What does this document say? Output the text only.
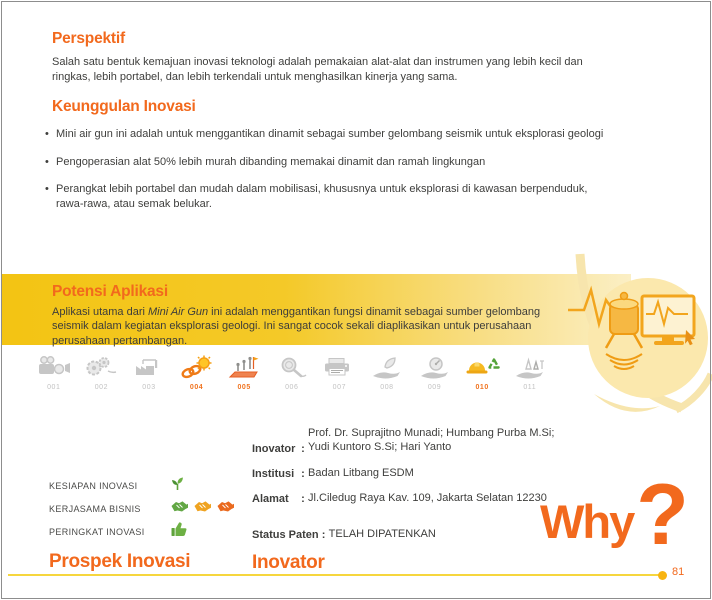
Perspektif

Salah satu bentuk kemajuan inovasi teknologi adalah pemakaian alat-alat dan instrumen yang lebih kecil dan ringkas, lebih portabel, dan lebih terkendali untuk menghasilkan kinerja yang sama.

Keunggulan Inovasi
• Mini air gun ini adalah untuk menggantikan dinamit sebagai sumber gelombang seismik untuk eksplorasi geologi
• Pengoperasian alat 50% lebih murah dibanding memakai dinamit dan ramah lingkungan
• Perangkat lebih portabel dan mudah dalam mobilisasi, khususnya untuk eksplorasi di kawasan berpenduduk, rawa-rawa, atau semak belukar.
Potensi Aplikasi

Aplikasi utama dari Mini Air Gun ini adalah menggantikan fungsi dinamit sebagai sumber gelombang seismik dalam kegiatan eksplorasi geologi. Ini sangat cocok sekali diaplikasikan untuk perusahaan perusahaan pertambangan.

001	002	003	004	005	006	007	008	009	010	011
KESIAPAN INOVASI
KERJASAMA BISNIS
PERINGKAT INOVASI
Prospek Inovasi
Inovator :
Prof. Dr. Suprajitno Munadi; Humbang Purba M.Si;
Yudi Kuntoro S.Si; Hari Yanto
Institusi : Badan Litbang ESDM
Alamat	: Jl.Ciledug Raya Kav. 109, Jakarta Selatan 12230
Status Paten : TELAH DIPATENKAN
Inovator
Why ?
81
